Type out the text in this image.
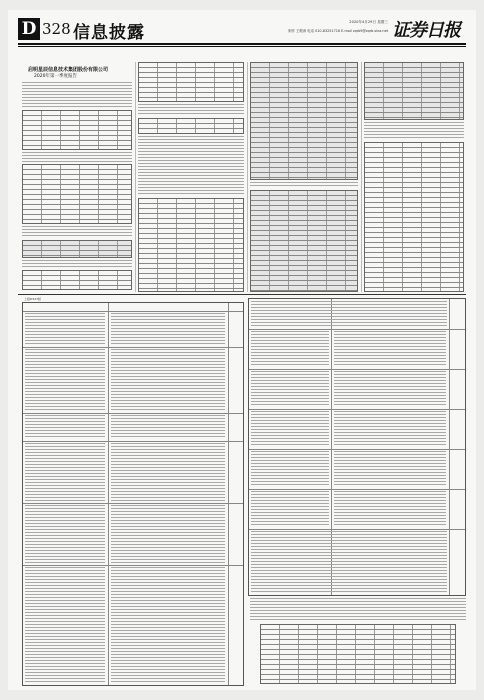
D 328 信息披露
2020年4月29日 星期三
制作 王敬涛 电话 010-83251716 E-mail zqrb9@zqrb.sina.net 证券日报
启明星辰信息技术集团股份有限公司
2020年第一季度报告
上接D327版
